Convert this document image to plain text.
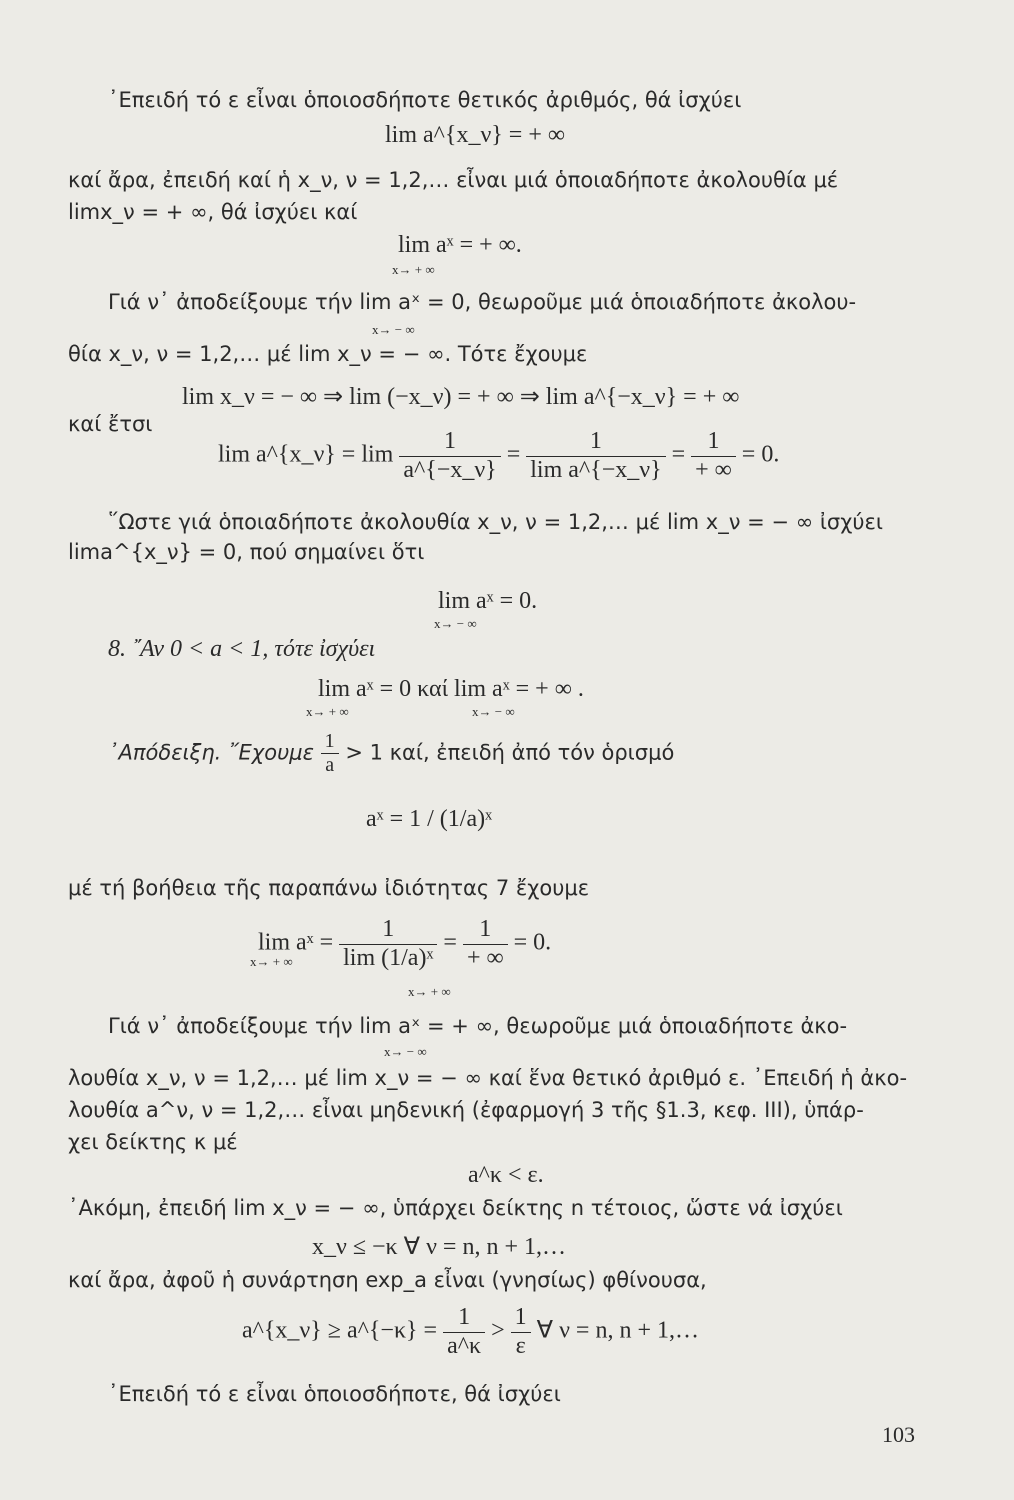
᾿Επειδή τό ε εἶναι ὁποιοσδήποτε θετικός ἀριθμός, θά ἰσχύει
lim a^{x_ν} = + ∞
καί ἄρα, ἐπειδή καί ἡ x_ν, ν = 1,2,… εἶναι μιά ὁποιαδήποτε ἀκολουθία μέ
limx_ν = + ∞, θά ἰσχύει καί
lim aˣ = + ∞.
x→ + ∞
Γιά ν᾿ ἀποδείξουμε τήν lim aˣ = 0, θεωροῦμε μιά ὁποιαδήποτε ἀκολου-
x→ − ∞
θία x_ν, ν = 1,2,… μέ lim x_ν = − ∞. Τότε ἔχουμε
lim x_ν = − ∞ ⇒ lim (−x_ν) = + ∞ ⇒ lim a^{−x_ν} = + ∞
καί ἔτσι
lim a^{x_ν} = $\lim \frac{1}{a\^{}\{-x\_\nu\}} = \frac{1}{\text{lim a\textasciicircum{}\{−x\_ν\}}} = \frac{1}{+ \infty} = 0$.
῞Ωστε γιά ὁποιαδήποτε ἀκολουθία x_ν, ν = 1,2,… μέ lim x_ν = − ∞ ἰσχύει
lima^{x_ν} = 0, πού σημαίνει ὅτι
lim aˣ = 0.
x→ − ∞
8. ῎Αν 0 < a < 1, τότε ἰσχύει
lim aˣ = 0 καί lim aˣ = + ∞ .
x→ + ∞	x→ − ∞
᾿Απόδειξη. ῎Εχουμε $\frac{1}{a} > 1$ καί, ἐπειδή ἀπό τόν ὁρισμό
aˣ = 1 / (1/a)ˣ
μέ τή βοήθεια τῆς παραπάνω ἰδιότητας 7 ἔχουμε
lim aˣ = $\frac{1}{\text{lim (1/a)ˣ}} = \frac{1}{+ \infty} = 0$.
x→ + ∞
x→ + ∞
Γιά ν᾿ ἀποδείξουμε τήν lim aˣ = + ∞, θεωροῦμε μιά ὁποιαδήποτε ἀκο-
x→ − ∞
λουθία x_ν, ν = 1,2,… μέ lim x_ν = − ∞ καί ἕνα θετικό ἀριθμό ε. ᾿Επειδή ἡ ἀκο-
λουθία a^ν, ν = 1,2,… εἶναι μηδενική (ἐφαρμογή 3 τῆς §1.3, κεφ. III), ὑπάρ-
χει δείκτης κ μέ
a^κ < ε.
᾿Ακόμη, ἐπειδή lim x_ν = − ∞, ὑπάρχει δείκτης n τέτοιος, ὥστε νά ἰσχύει
x_ν ≤ −κ ∀ ν = n, n + 1,…
καί ἄρα, ἀφοῦ ἡ συνάρτηση exp_a εἶναι (γνησίως) φθίνουσα,
a^{x_ν} ≥ a^{−κ} = $\frac{1}{a\^{}\kappa} > \frac{1}{\varepsilon}$ ∀ ν = n, n + 1,…
᾿Επειδή τό ε εἶναι ὁποιοσδήποτε, θά ἰσχύει
103
